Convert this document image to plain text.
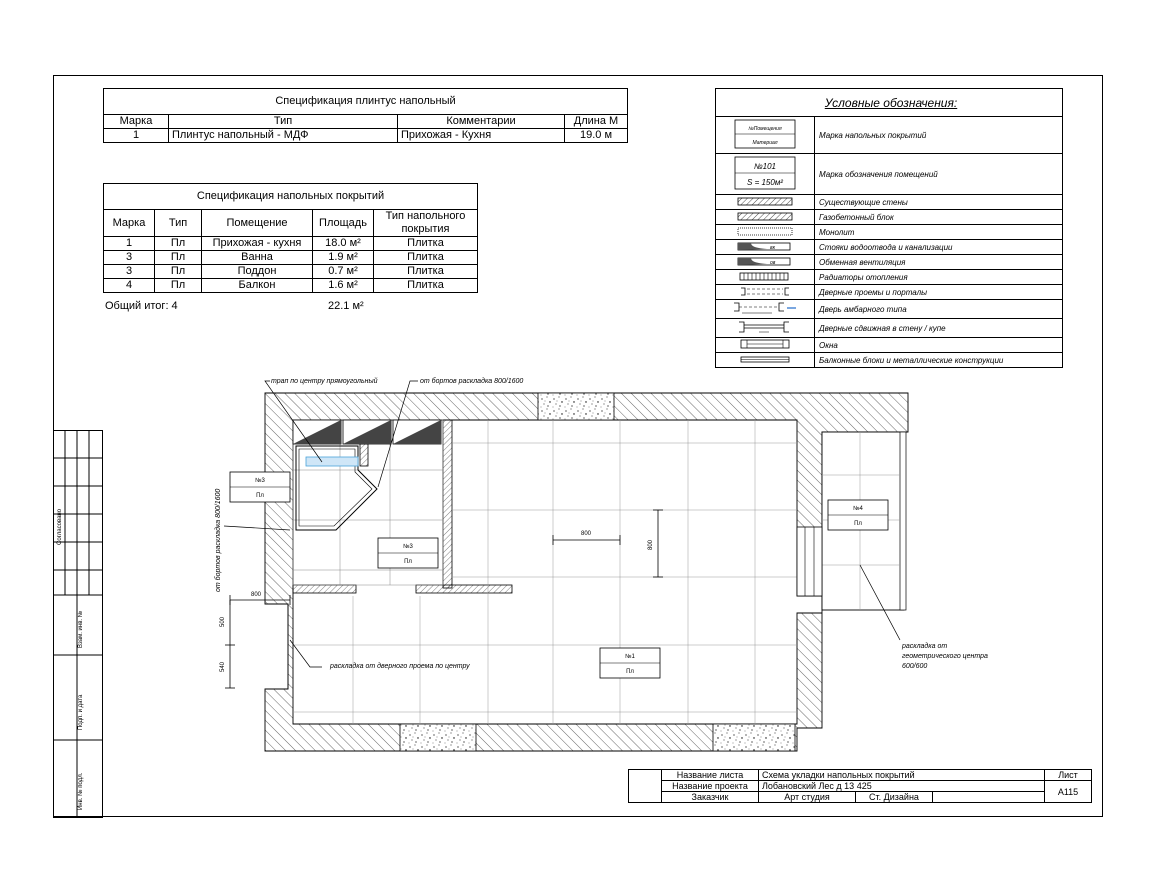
Согласовано
Взам. инв. №
Подп. и дата
Инв. № подл.
Спецификация плинтус напольный			
Марка	Тип	Комментарии	Длина М
1	Плинтус напольный - МДФ	Прихожая - Кухня	19.0 м
Спецификация напольных покрытий				
Марка	Тип	Помещение	Площадь	Тип напольного покрытия
1	Пл	Прихожая - кухня	18.0 м²	Плитка
3	Пл	Ванна	1.9 м²	Плитка
3	Пл	Поддон	0.7 м²	Плитка
4	Пл	Балкон	1.6 м²	Плитка
Общий итог: 4	22.1 м²
Условные обозначения:	

№Помещения
Материал	Марка напольных покрытий

№101
S = 150м²	Марка обозначения помещений
	Существующие стены
	Газобетонный блок
	Монолит

вк	Стояки водоотвода и канализации

ов	Обменная вентиляция
	Радиаторы отопления
	Дверные проемы и порталы
	Дверь амбарного типа
	Дверные сдвижная в стену / купе
	Окна
	Балконные блоки и металлические конструкции
№3
Пл
№3
Пл
№4
Пл
№1
Пл
800
800
800
500
540
трап по центру прямоугольный	от бортов раскладка 800/1600
от бортов раскладка 800/1600
раскладка от дверного проема по центру
раскладка от
геометрического центра
600/600
	Название листа	Схема укладки напольных покрытий			Лист
	Название проекта	Лобановский Лес д 13 425			A115
	Заказчик	Арт студия	Ст. Дизайна		
